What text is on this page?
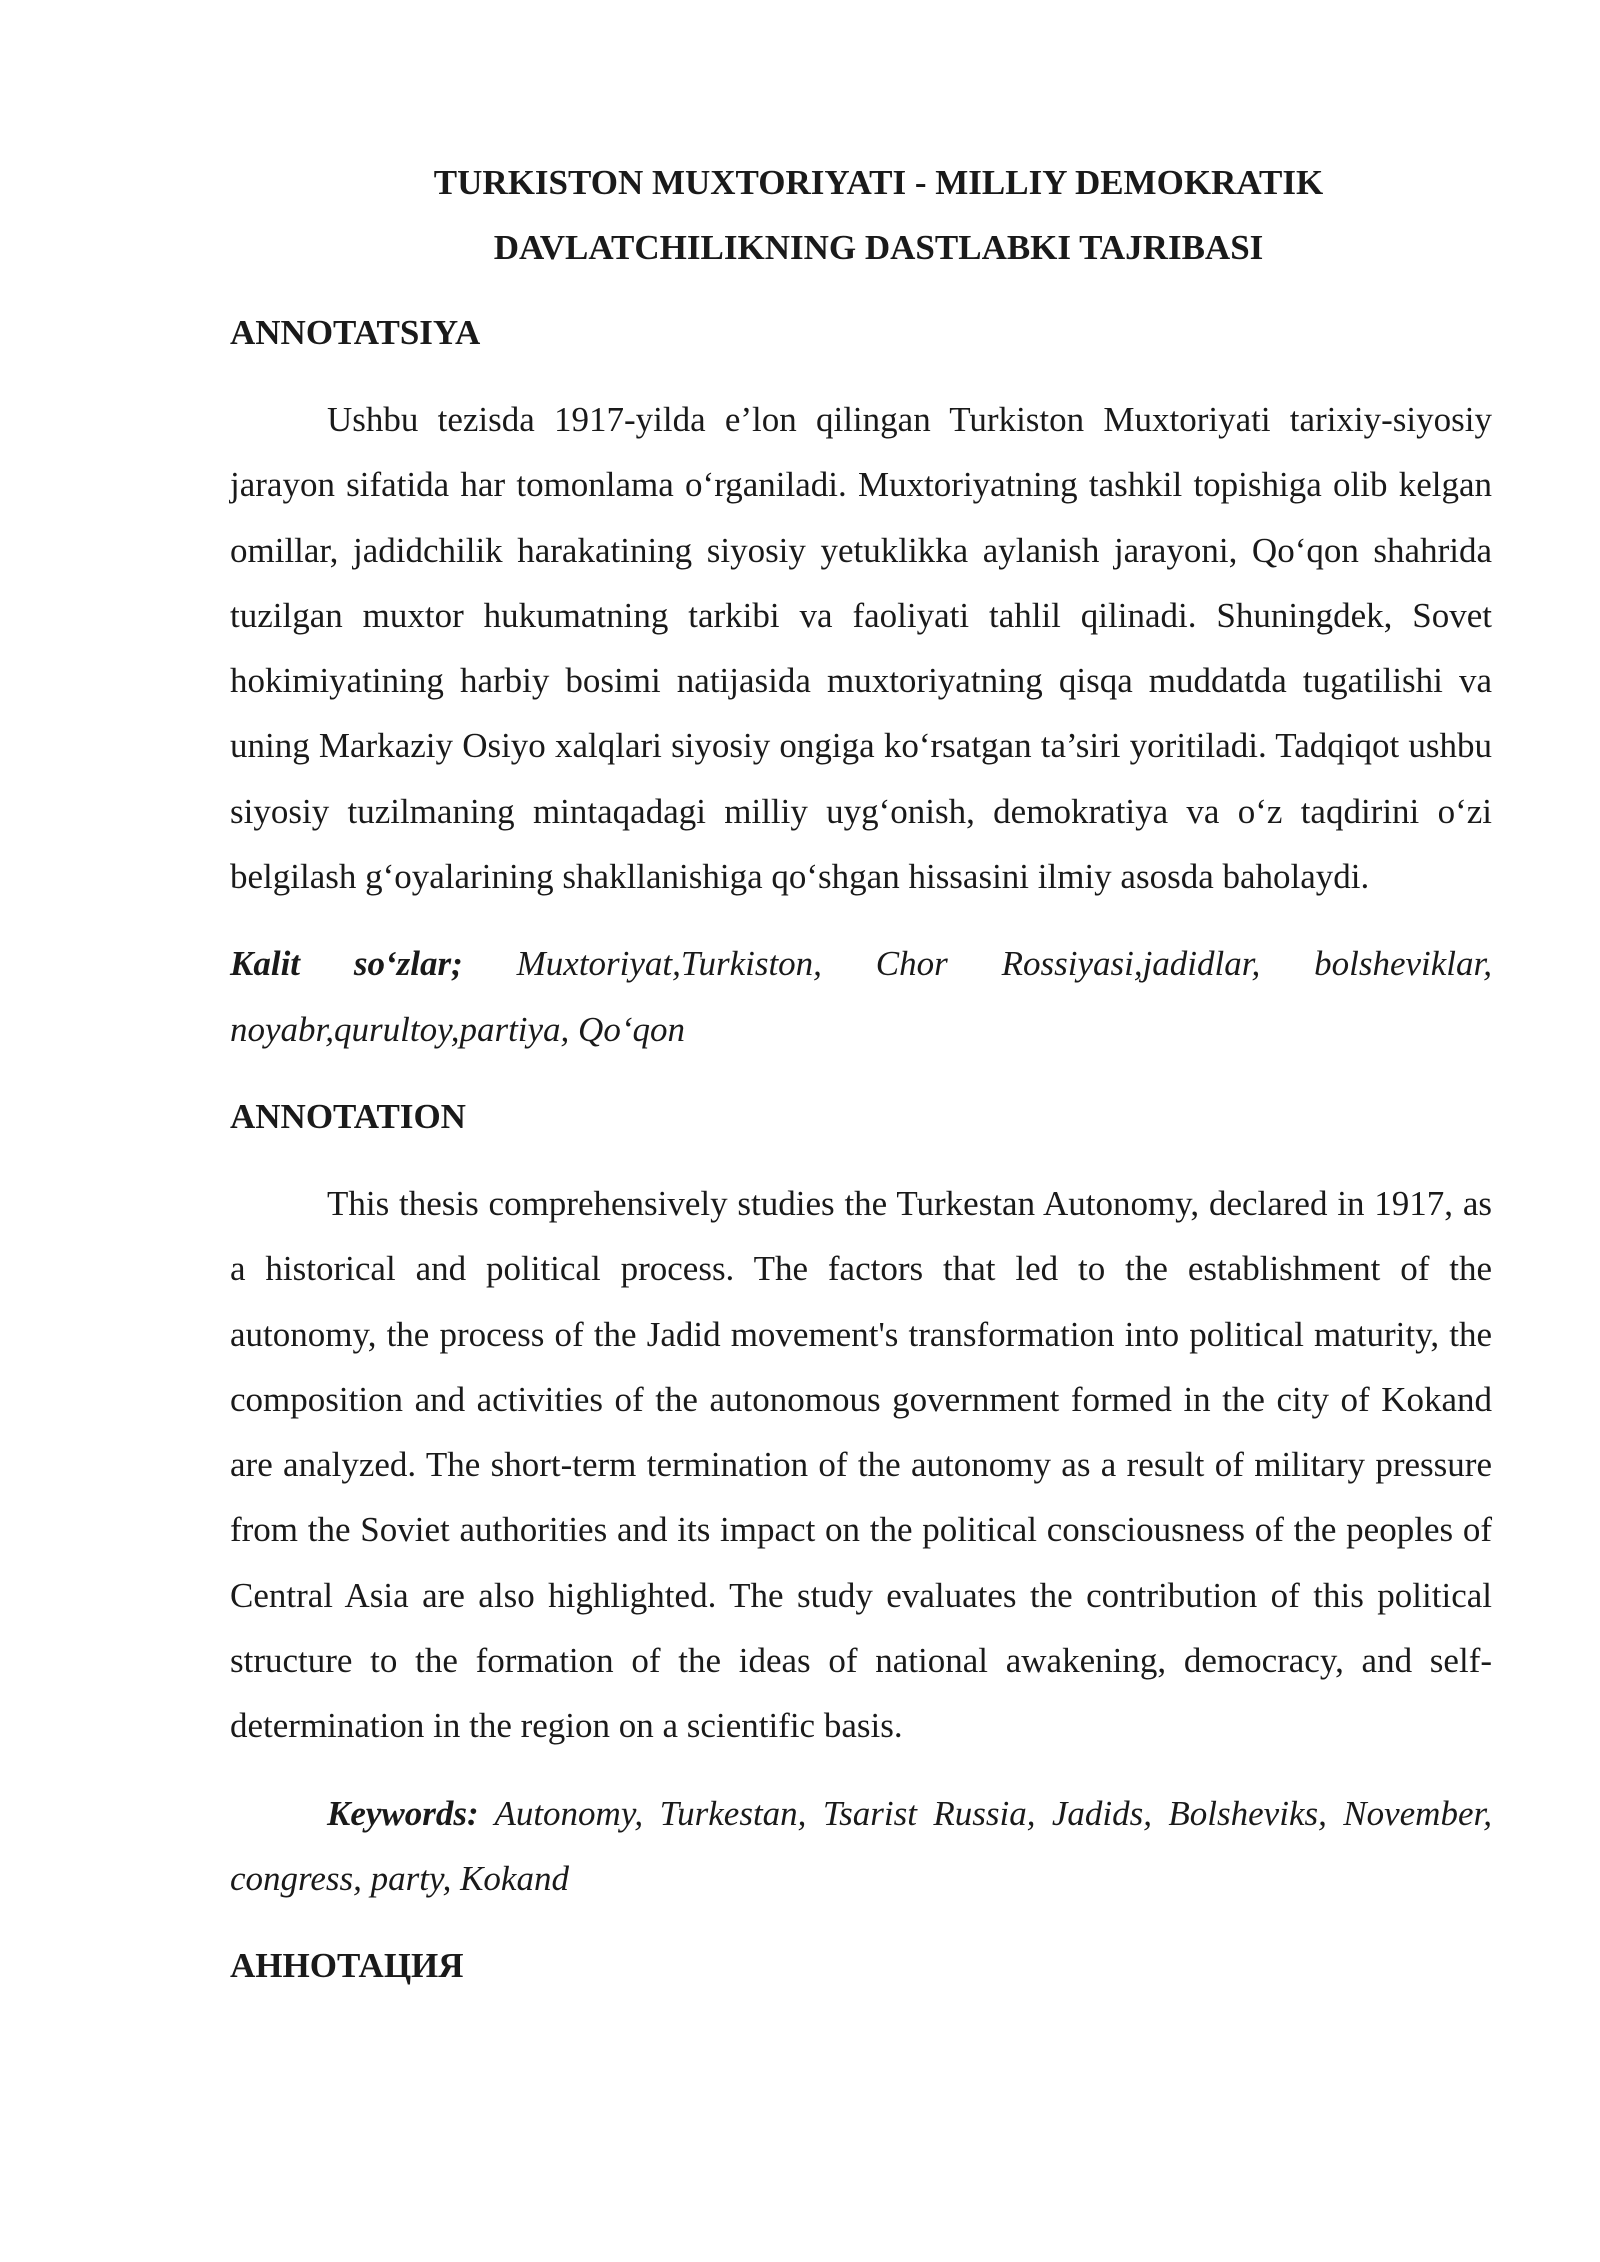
TURKISTON MUXTORIYATI - MILLIY DEMOKRATIK
DAVLATCHILIKNING DASTLABKI TAJRIBASI
ANNOTATSIYA

Ushbu tezisda 1917-yilda e’lon qilingan Turkiston Muxtoriyati tarixiy-siyosiy jarayon sifatida har tomonlama o‘rganiladi. Muxtoriyatning tashkil topishiga olib kelgan omillar, jadidchilik harakatining siyosiy yetuklikka aylanish jarayoni, Qo‘qon shahrida tuzilgan muxtor hukumatning tarkibi va faoliyati tahlil qilinadi. Shuningdek, Sovet hokimiyatining harbiy bosimi natijasida muxtoriyatning qisqa muddatda tugatilishi va uning Markaziy Osiyo xalqlari siyosiy ongiga ko‘rsatgan ta’siri yoritiladi. Tadqiqot ushbu siyosiy tuzilmaning mintaqadagi milliy uyg‘onish, demokratiya va o‘z taqdirini o‘zi belgilash g‘oyalarining shakllanishiga qo‘shgan hissasini ilmiy asosda baholaydi.

Kalit so‘zlar; Muxtoriyat,Turkiston, Chor Rossiyasi,jadidlar, bolsheviklar, noyabr,qurultoy,partiya, Qo‘qon

ANNOTATION

This thesis comprehensively studies the Turkestan Autonomy, declared in 1917, as a historical and political process. The factors that led to the establishment of the autonomy, the process of the Jadid movement's transformation into political maturity, the composition and activities of the autonomous government formed in the city of Kokand are analyzed. The short-term termination of the autonomy as a result of military pressure from the Soviet authorities and its impact on the political consciousness of the peoples of Central Asia are also highlighted. The study evaluates the contribution of this political structure to the formation of the ideas of national awakening, democracy, and self-determination in the region on a scientific basis.

Keywords: Autonomy, Turkestan, Tsarist Russia, Jadids, Bolsheviks, November, congress, party, Kokand

АННОТАЦИЯ
